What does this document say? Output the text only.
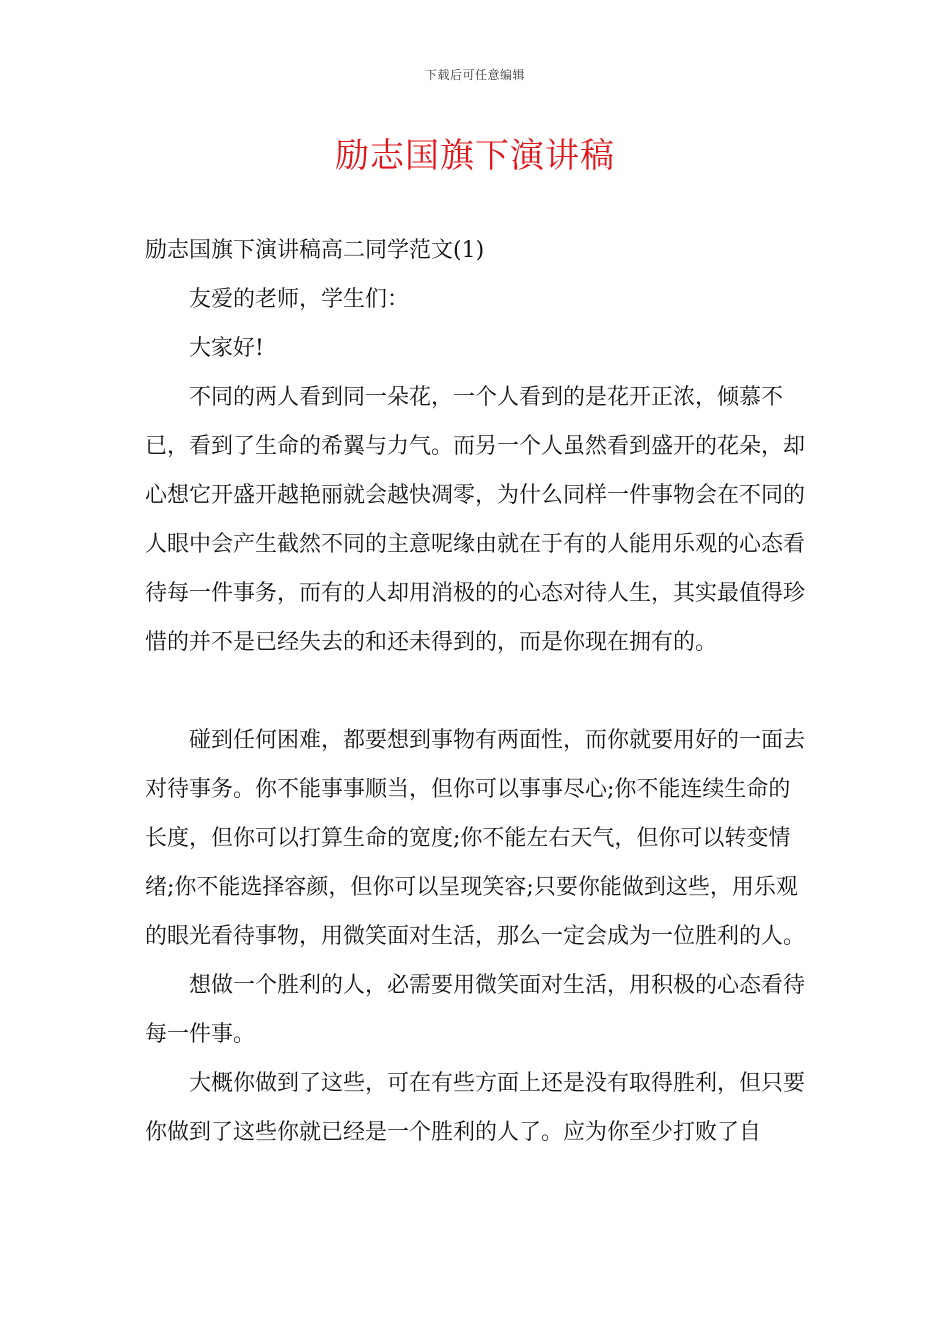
下载后可任意编辑
励志国旗下演讲稿

励志国旗下演讲稿高二同学范文(1)

友爱的老师，学生们：

大家好!

不同的两人看到同一朵花，一个人看到的是花开正浓，倾慕不已，看到了生命的希翼与力气。而另一个人虽然看到盛开的花朵，却心想它开盛开越艳丽就会越快凋零，为什么同样一件事物会在不同的人眼中会产生截然不同的主意呢缘由就在于有的人能用乐观的心态看待每一件事务，而有的人却用消极的的心态对待人生，其实最值得珍惜的并不是已经失去的和还未得到的，而是你现在拥有的。

碰到任何困难，都要想到事物有两面性，而你就要用好的一面去对待事务。你不能事事顺当，但你可以事事尽心;你不能连续生命的长度，但你可以打算生命的宽度;你不能左右天气，但你可以转变情绪;你不能选择容颜，但你可以呈现笑容;只要你能做到这些，用乐观的眼光看待事物，用微笑面对生活，那么一定会成为一位胜利的人。

想做一个胜利的人，必需要用微笑面对生活，用积极的心态看待每一件事。

大概你做到了这些，可在有些方面上还是没有取得胜利，但只要你做到了这些你就已经是一个胜利的人了。应为你至少打败了自
